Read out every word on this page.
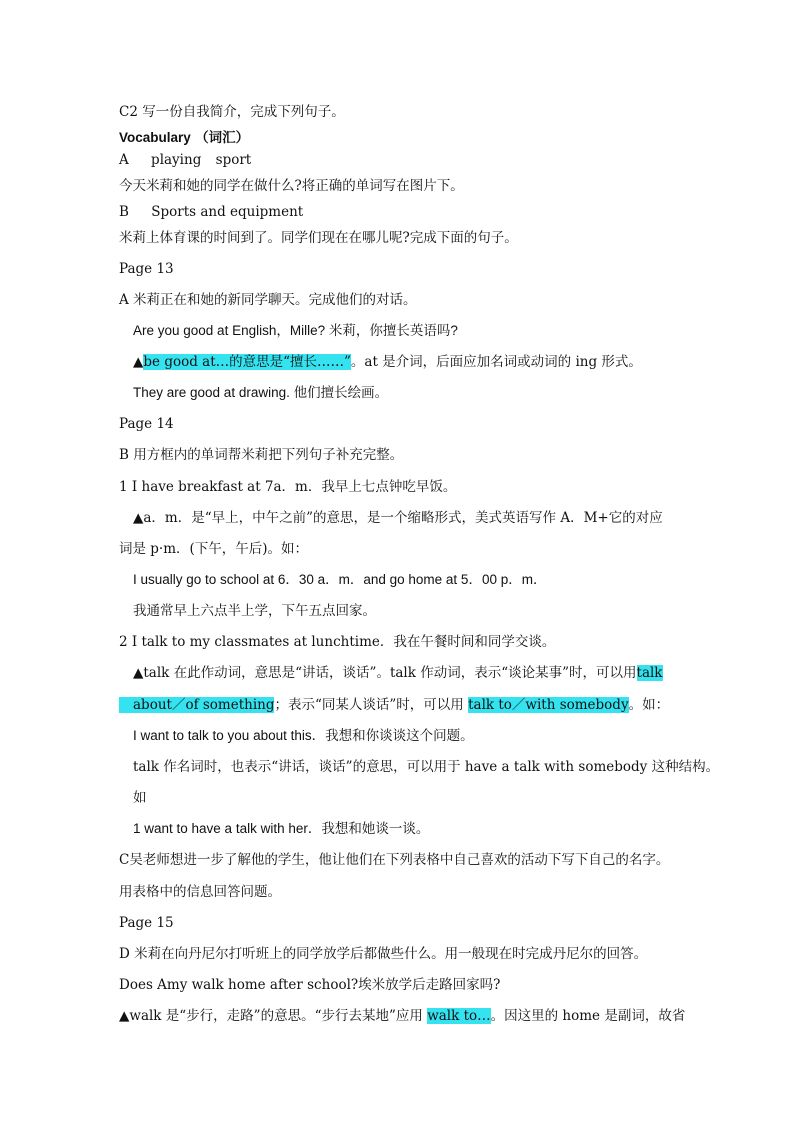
C2 写一份自我简介，完成下列句子。
Vocabulary （词汇）
A playing sport
今天米莉和她的同学在做什么?将正确的单词写在图片下。
B Sports and equipment
米莉上体育课的时间到了。同学们现在在哪儿呢?完成下面的句子。
Page 13
A 米莉正在和她的新同学聊天。完成他们的对话。
Are you good at English，Mille? 米莉，你擅长英语吗?
▲be good at…的意思是“擅长……”。at 是介词，后面应加名词或动词的 ing 形式。
They are good at drawing. 他们擅长绘画。
Page 14
B 用方框内的单词帮米莉把下列句子补充完整。
1 I have breakfast at 7a．m．我早上七点钟吃早饭。
▲a．m．是“早上，中午之前”的意思，是一个缩略形式，美式英语写作 A．M+它的对应
词是 p·m．(下午，午后)。如：
I usually go to school at 6．30 a．m．and go home at 5．00 p．m．
我通常早上六点半上学，下午五点回家。
2 I talk to my classmates at lunchtime．我在午餐时间和同学交谈。
▲talk 在此作动词，意思是“讲话，谈话”。talk 作动词，表示“谈论某事”时，可以用talk
about／of something；表示“同某人谈话”时，可以用 talk to／with somebody。如：
I want to talk to you about this．我想和你谈谈这个问题。
talk 作名词时，也表示“讲话，谈话”的意思，可以用于 have a talk with somebody 这种结构。
如
1 want to have a talk with her．我想和她谈一谈。
C吴老师想进一步了解他的学生，他让他们在下列表格中自己喜欢的活动下写下自己的名字。
用表格中的信息回答问题。
Page 15
D 米莉在向丹尼尔打听班上的同学放学后都做些什么。用一般现在时完成丹尼尔的回答。
Does Amy walk home after school?埃米放学后走路回家吗?
▲walk 是“步行，走路”的意思。“步行去某地”应用 walk to…。因这里的 home 是副词，故省
